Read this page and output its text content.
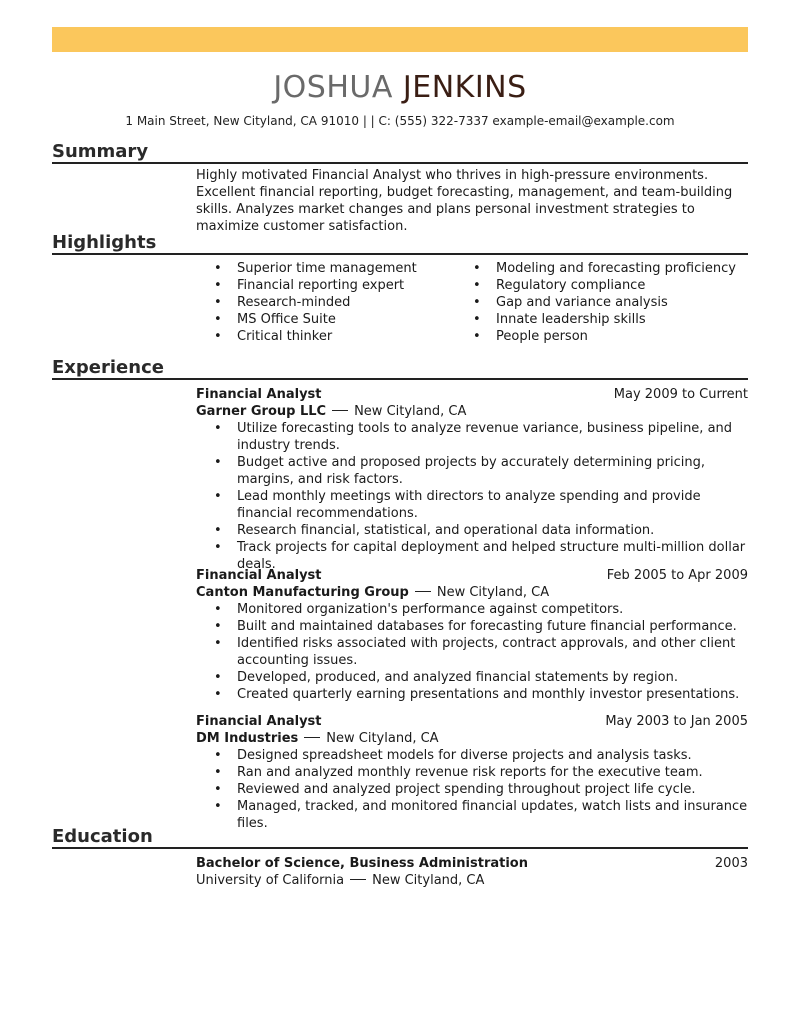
JOSHUA JENKINS
1 Main Street, New Cityland, CA 91010 | | C: (555) 322-7337 example-email@example.com
Summary
Highly motivated Financial Analyst who thrives in high-pressure environments. Excellent financial reporting, budget forecasting, management, and team-building skills. Analyzes market changes and plans personal investment strategies to maximize customer satisfaction.
Highlights
• Superior time management
• Financial reporting expert
• Research-minded
• MS Office Suite
• Critical thinker
• Modeling and forecasting proficiency
• Regulatory compliance
• Gap and variance analysis
• Innate leadership skills
• People person
Experience
Financial Analyst	May 2009 to Current
Garner Group LLC New Cityland, CA
• Utilize forecasting tools to analyze revenue variance, business pipeline, and industry trends.
• Budget active and proposed projects by accurately determining pricing, margins, and risk factors.
• Lead monthly meetings with directors to analyze spending and provide financial recommendations.
• Research financial, statistical, and operational data information.
• Track projects for capital deployment and helped structure multi-million dollar deals.
Financial Analyst	Feb 2005 to Apr 2009
Canton Manufacturing Group New Cityland, CA
• Monitored organization's performance against competitors.
• Built and maintained databases for forecasting future financial performance.
• Identified risks associated with projects, contract approvals, and other client accounting issues.
• Developed, produced, and analyzed financial statements by region.
• Created quarterly earning presentations and monthly investor presentations.
Financial Analyst	May 2003 to Jan 2005
DM Industries New Cityland, CA
• Designed spreadsheet models for diverse projects and analysis tasks.
• Ran and analyzed monthly revenue risk reports for the executive team.
• Reviewed and analyzed project spending throughout project life cycle.
• Managed, tracked, and monitored financial updates, watch lists and insurance files.
Education
Bachelor of Science, Business Administration	2003
University of California New Cityland, CA
